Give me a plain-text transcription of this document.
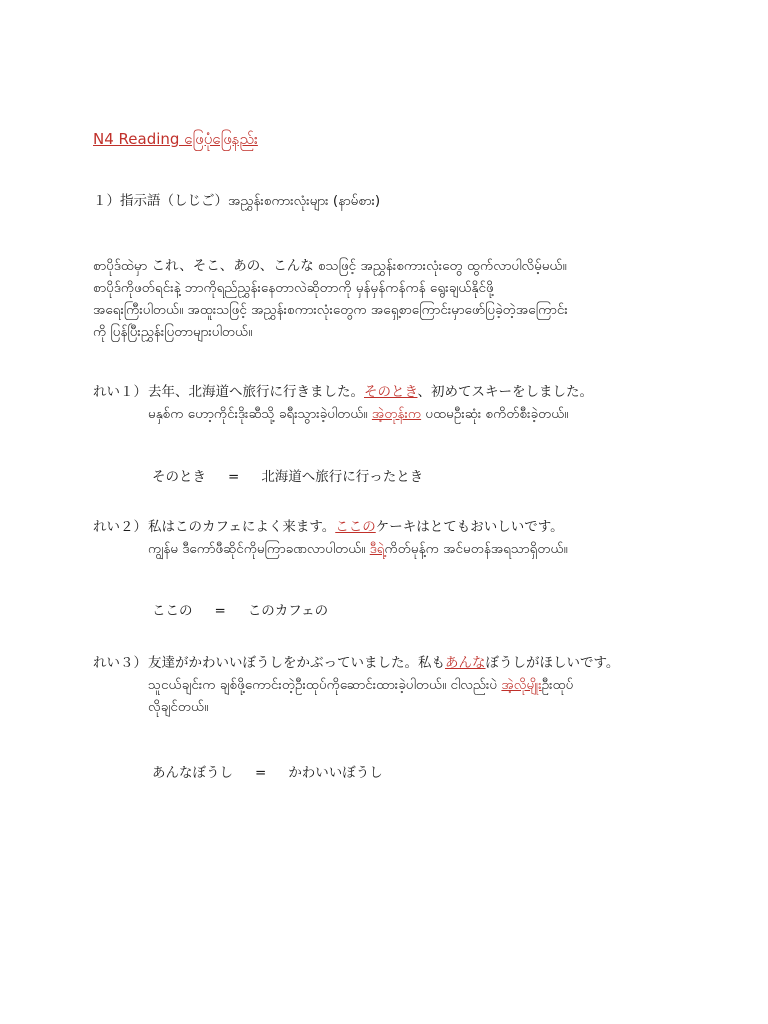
N4 Reading ဖြေပုံဖြေနည်း
１）指示語（しじご）အညွှန်းစကားလုံးများ (နာမ်စား)
စာပိုဒ်ထဲမှာ これ、そこ、あの、こんな စသဖြင့် အညွှန်းစကားလုံးတွေ ထွက်လာပါလိမ့်မယ်။
စာပိုဒ်ကိုဖတ်ရင်းနဲ့ ဘာကိုရည်ညွှန်းနေတာလဲဆိုတာကို မှန်မှန်ကန်ကန် ရွေးချယ်နိုင်ဖို့
အရေးကြီးပါတယ်။ အထူးသဖြင့် အညွှန်းစကားလုံးတွေက အရှေ့စာကြောင်းမှာဖော်ပြခဲ့တဲ့အကြောင်း
ကို ပြန်ပြီးညွှန်းပြတာများပါတယ်။
れい１）去年、北海道へ旅行に行きました。そのとき、初めてスキーをしました。
မနှစ်က ဟော့ကိုင်းဒိုးဆီသို့ ခရီးသွားခဲ့ပါတယ်။ အဲ့တုန်းက ပထမဦးဆုံး စကိတ်စီးခဲ့တယ်။
そのとき = 北海道へ旅行に行ったとき
れい２）私はこのカフェによく来ます。ここのケーキはとてもおいしいです。
ကျွန်မ ဒီကော်ဖီဆိုင်ကိုမကြာခဏလာပါတယ်။ ဒီရဲ့ကိတ်မုန့်က အင်မတန်အရသာရှိတယ်။
ここの = このカフェの
れい３）友達がかわいいぼうしをかぶっていました。私もあんなぼうしがほしいです。
သူငယ်ချင်းက ချစ်ဖို့ကောင်းတဲ့ဦးထုပ်ကိုဆောင်းထားခဲ့ပါတယ်။ ငါလည်းပဲ အဲ့လိုမျိုးဦးထုပ်
လိုချင်တယ်။
あんなぼうし = かわいいぼうし
